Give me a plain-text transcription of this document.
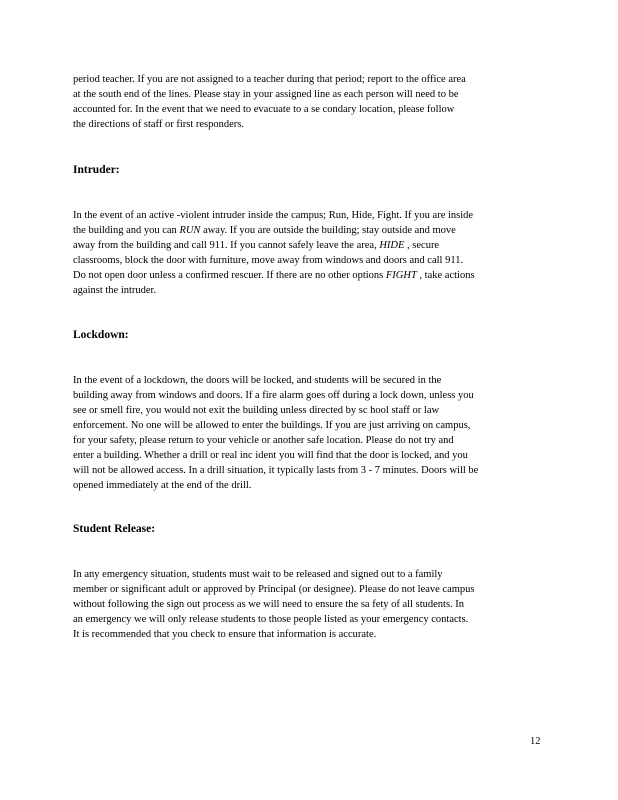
period teacher. If you are not assigned to a teacher during that period; report to the office area
at the south end of the lines. Please stay in your assigned line as each person will need to be
accounted for. In the event that we need to evacuate to a se condary location, please follow
the directions of staff or first responders.
Intruder:
In the event of an active -violent intruder inside the campus; Run, Hide, Fight. If you are inside
the building and you can RUN away. If you are outside the building; stay outside and move
away from the building and call 911. If you cannot safely leave the area, HIDE , secure
classrooms, block the door with furniture, move away from windows and doors and call 911.
Do not open door unless a confirmed rescuer. If there are no other options FIGHT , take actions
against the intruder.
Lockdown:
In the event of a lockdown, the doors will be locked, and students will be secured in the
building away from windows and doors. If a fire alarm goes off during a lock down, unless you
see or smell fire, you would not exit the building unless directed by sc hool staff or law
enforcement. No one will be allowed to enter the buildings. If you are just arriving on campus,
for your safety, please return to your vehicle or another safe location. Please do not try and
enter a building. Whether a drill or real inc ident you will find that the door is locked, and you
will not be allowed access. In a drill situation, it typically lasts from 3 - 7 minutes. Doors will be
opened immediately at the end of the drill.
Student Release:
In any emergency situation, students must wait to be released and signed out to a family
member or significant adult or approved by Principal (or designee). Please do not leave campus
without following the sign out process as we will need to ensure the sa fety of all students. In
an emergency we will only release students to those people listed as your emergency contacts.
It is recommended that you check to ensure that information is accurate.
12
